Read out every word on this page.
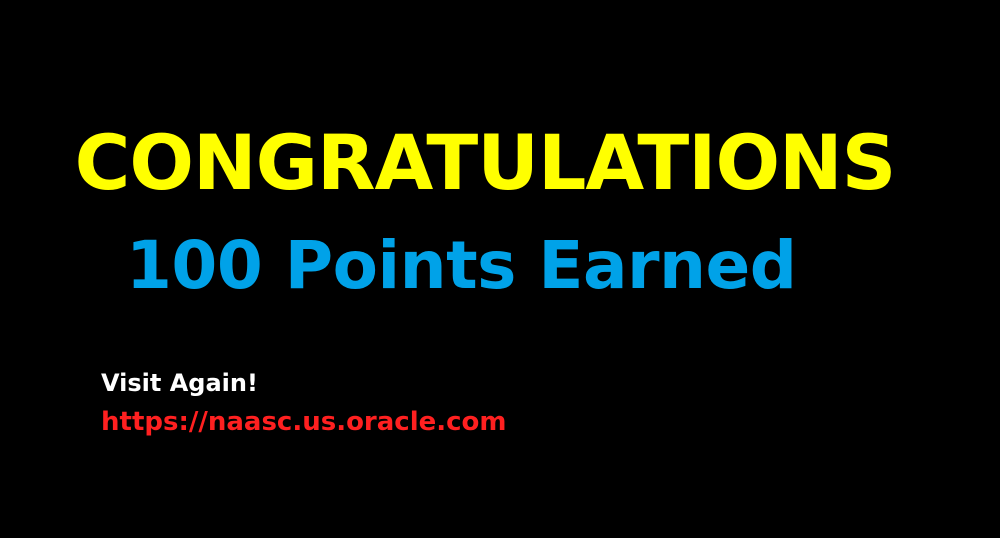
CONGRATULATIONS
100 Points Earned
Visit Again!
https://naasc.us.oracle.com
